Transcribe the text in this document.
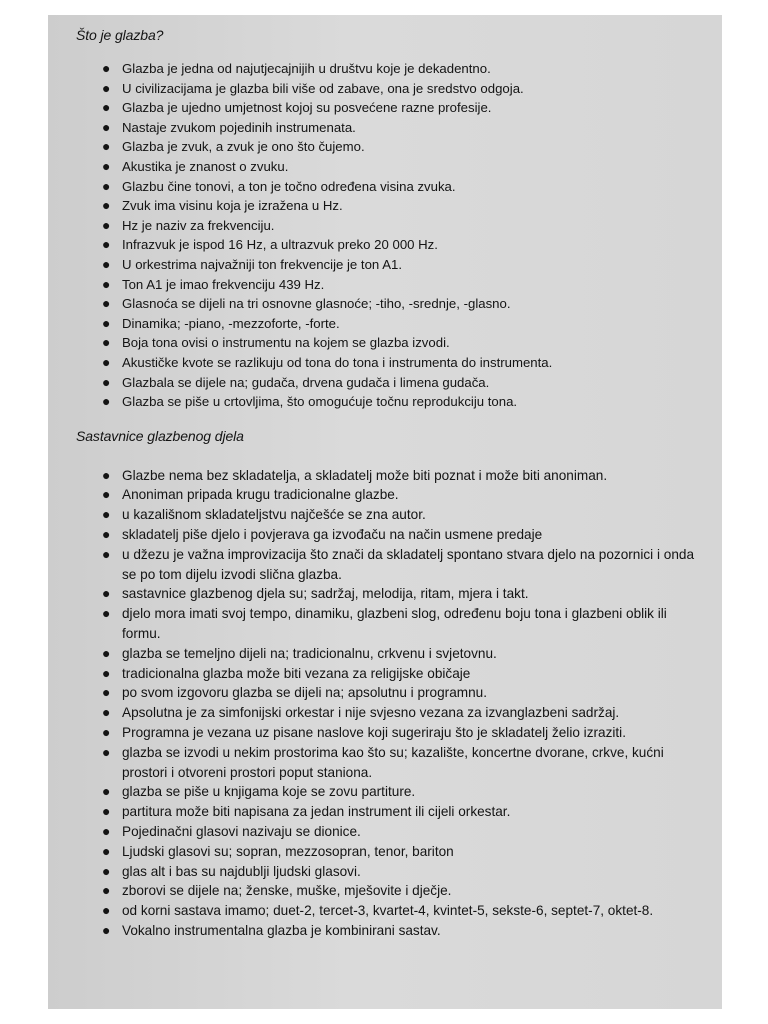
Što je glazba?
● Glazba je jedna od najutjecajnijih u društvu koje je dekadentno.
● U civilizacijama je glazba bili više od zabave, ona je sredstvo odgoja.
● Glazba je ujedno umjetnost kojoj su posvećene razne profesije.
● Nastaje zvukom pojedinih instrumenata.
● Glazba je zvuk, a zvuk je ono što čujemo.
● Akustika je znanost o zvuku.
● Glazbu čine tonovi, a ton je točno određena visina zvuka.
● Zvuk ima visinu koja je izražena u Hz.
● Hz je naziv za frekvenciju.
● Infrazvuk je ispod 16 Hz, a ultrazvuk preko 20 000 Hz.
● U orkestrima najvažniji ton frekvencije je ton A1.
● Ton A1 je imao frekvenciju 439 Hz.
● Glasnoća se dijeli na tri osnovne glasnoće; -tiho, -srednje, -glasno.
● Dinamika; -piano, -mezzoforte, -forte.
● Boja tona ovisi o instrumentu na kojem se glazba izvodi.
● Akustičke kvote se razlikuju od tona do tona i instrumenta do instrumenta.
● Glazbala se dijele na; gudača, drvena gudača i limena gudača.
● Glazba se piše u crtovljima, što omogućuje točnu reprodukciju tona.
Sastavnice glazbenog djela
● Glazbe nema bez skladatelja, a skladatelj može biti poznat i može biti anoniman.
● Anoniman pripada krugu tradicionalne glazbe.
● u kazališnom skladateljstvu najčešće se zna autor.
● skladatelj piše djelo i povjerava ga izvođaču na način usmene predaje
● u džezu je važna improvizacija što znači da skladatelj spontano stvara djelo na pozornici i onda se po tom dijelu izvodi slična glazba.
● sastavnice glazbenog djela su; sadržaj, melodija, ritam, mjera i takt.
● djelo mora imati svoj tempo, dinamiku, glazbeni slog, određenu boju tona i glazbeni oblik ili formu.
● glazba se temeljno dijeli na; tradicionalnu, crkvenu i svjetovnu.
● tradicionalna glazba može biti vezana za religijske običaje
● po svom izgovoru glazba se dijeli na; apsolutnu i programnu.
● Apsolutna je za simfonijski orkestar i nije svjesno vezana za izvanglazbeni sadržaj.
● Programna je vezana uz pisane naslove koji sugeriraju što je skladatelj želio izraziti.
● glazba se izvodi u nekim prostorima kao što su; kazalište, koncertne dvorane, crkve, kućni prostori i otvoreni prostori poput staniona.
● glazba se piše u knjigama koje se zovu partiture.
● partitura može biti napisana za jedan instrument ili cijeli orkestar.
● Pojedinačni glasovi nazivaju se dionice.
● Ljudski glasovi su; sopran, mezzosopran, tenor, bariton
● glas alt i bas su najdublji ljudski glasovi.
● zborovi se dijele na; ženske, muške, mješovite i dječje.
● od korni sastava imamo; duet-2, tercet-3, kvartet-4, kvintet-5, sekste-6, septet-7, oktet-8.
● Vokalno instrumentalna glazba je kombinirani sastav.
